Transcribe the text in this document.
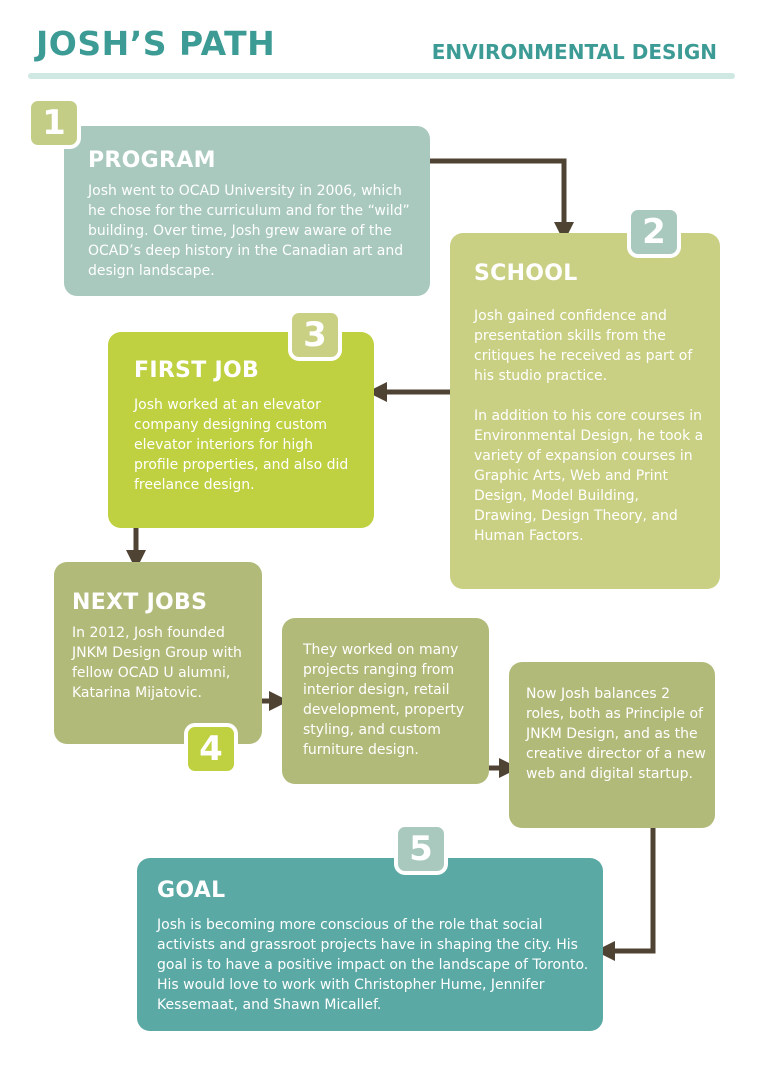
JOSH’S PATH	ENVIRONMENTAL DESIGN
PROGRAM

Josh went to OCAD University in 2006, which he chose for the curriculum and for the “wild” building. Over time, Josh grew aware of the OCAD’s deep history in the Canadian art and design landscape.

1
SCHOOL

Josh gained confidence and presentation skills from the critiques he received as part of his studio practice.

In addition to his core courses in Environmental Design, he took a variety of expansion courses in Graphic Arts, Web and Print Design, Model Building, Drawing, Design Theory, and Human Factors.

2
FIRST JOB

Josh worked at an elevator company designing custom elevator interiors for high profile properties, and also did freelance design.

3
NEXT JOBS

In 2012, Josh founded JNKM Design Group with fellow OCAD U alumni, Katarina Mijatovic.

4

They worked on many projects ranging from interior design, retail development, property styling, and custom furniture design.

Now Josh balances 2 roles, both as Principle of JNKM Design, and as the creative director of a new web and digital startup.

GOAL

Josh is becoming more conscious of the role that social activists and grassroot projects have in shaping the city. His goal is to have a positive impact on the landscape of Toronto. His would love to work with Christopher Hume, Jennifer Kessemaat, and Shawn Micallef.

5
